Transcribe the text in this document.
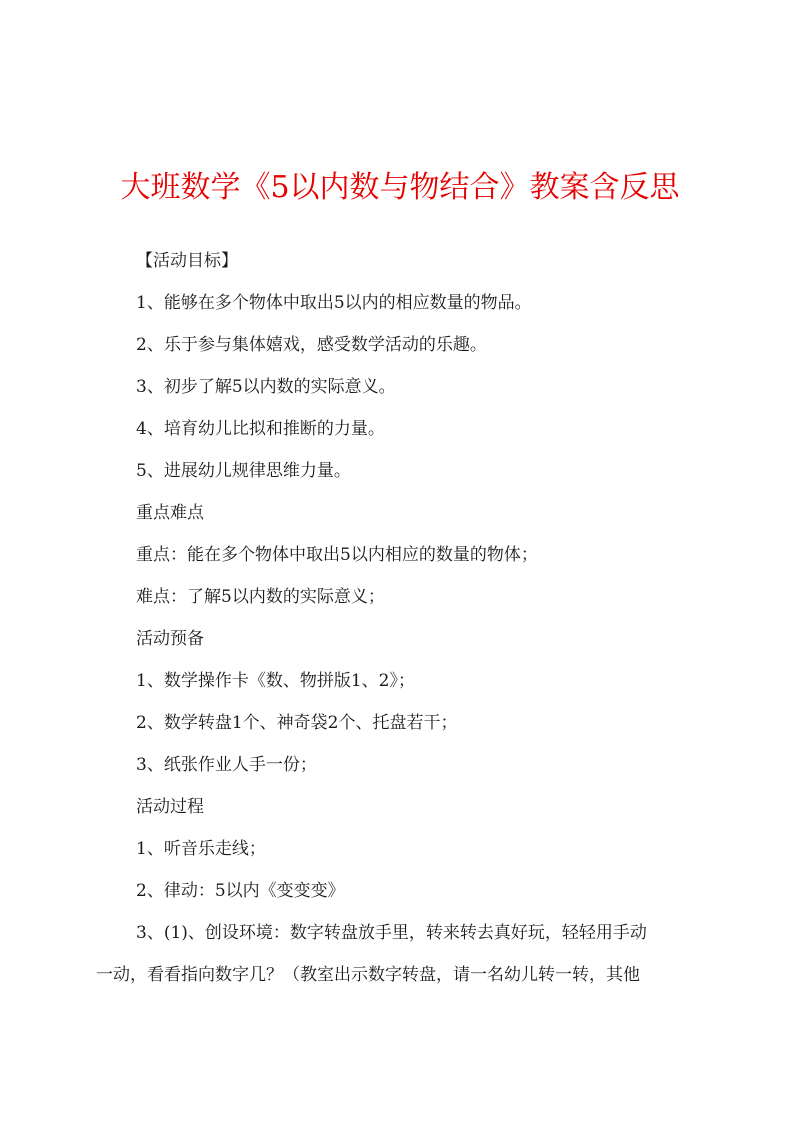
大班数学《5以内数与物结合》教案含反思
【活动目标】
1、能够在多个物体中取出5以内的相应数量的物品。
2、乐于参与集体嬉戏，感受数学活动的乐趣。
3、初步了解5以内数的实际意义。
4、培育幼儿比拟和推断的力量。
5、进展幼儿规律思维力量。
重点难点
重点：能在多个物体中取出5以内相应的数量的物体；
难点：了解5以内数的实际意义；
活动预备
1、数学操作卡《数、物拼版1、2》；
2、数学转盘1个、神奇袋2个、托盘若干；
3、纸张作业人手一份；
活动过程
1、听音乐走线；
2、律动：5以内《变变变》
3、(1)、创设环境：数字转盘放手里，转来转去真好玩，轻轻用手动
一动，看看指向数字几？（教室出示数字转盘，请一名幼儿转一转，其他
